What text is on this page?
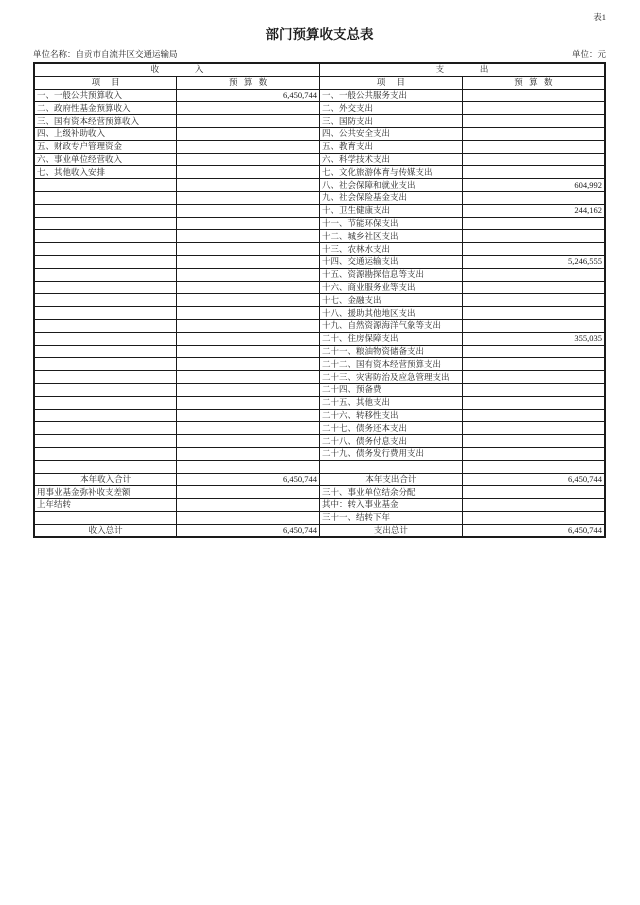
表1
部门预算收支总表
单位名称：自贡市自流井区交通运输局	单位：元
收入		支出	
项目	预算数	项目	预算数
一、一般公共预算收入	6,450,744	一、一般公共服务支出	
二、政府性基金预算收入		二、外交支出	
三、国有资本经营预算收入		三、国防支出	
四、上级补助收入		四、公共安全支出	
五、财政专户管理资金		五、教育支出	
六、事业单位经营收入		六、科学技术支出	
七、其他收入安排		七、文化旅游体育与传媒支出	
		八、社会保障和就业支出	604,992
		九、社会保险基金支出	
		十、卫生健康支出	244,162
		十一、节能环保支出	
		十二、城乡社区支出	
		十三、农林水支出	
		十四、交通运输支出	5,246,555
		十五、资源勘探信息等支出	
		十六、商业服务业等支出	
		十七、金融支出	
		十八、援助其他地区支出	
		十九、自然资源海洋气象等支出	
		二十、住房保障支出	355,035
		二十一、粮油物资储备支出	
		二十二、国有资本经营预算支出	
		二十三、灾害防治及应急管理支出	
		二十四、预备费	
		二十五、其他支出	
		二十六、转移性支出	
		二十七、债务还本支出	
		二十八、债务付息支出	
		二十九、债务发行费用支出	

本年收入合计	6,450,744	本年支出合计	6,450,744
用事业基金弥补收支差额		三十、事业单位结余分配	
上年结转		其中：转入事业基金	
		三十一、结转下年	
收入总计	6,450,744	支出总计	6,450,744
